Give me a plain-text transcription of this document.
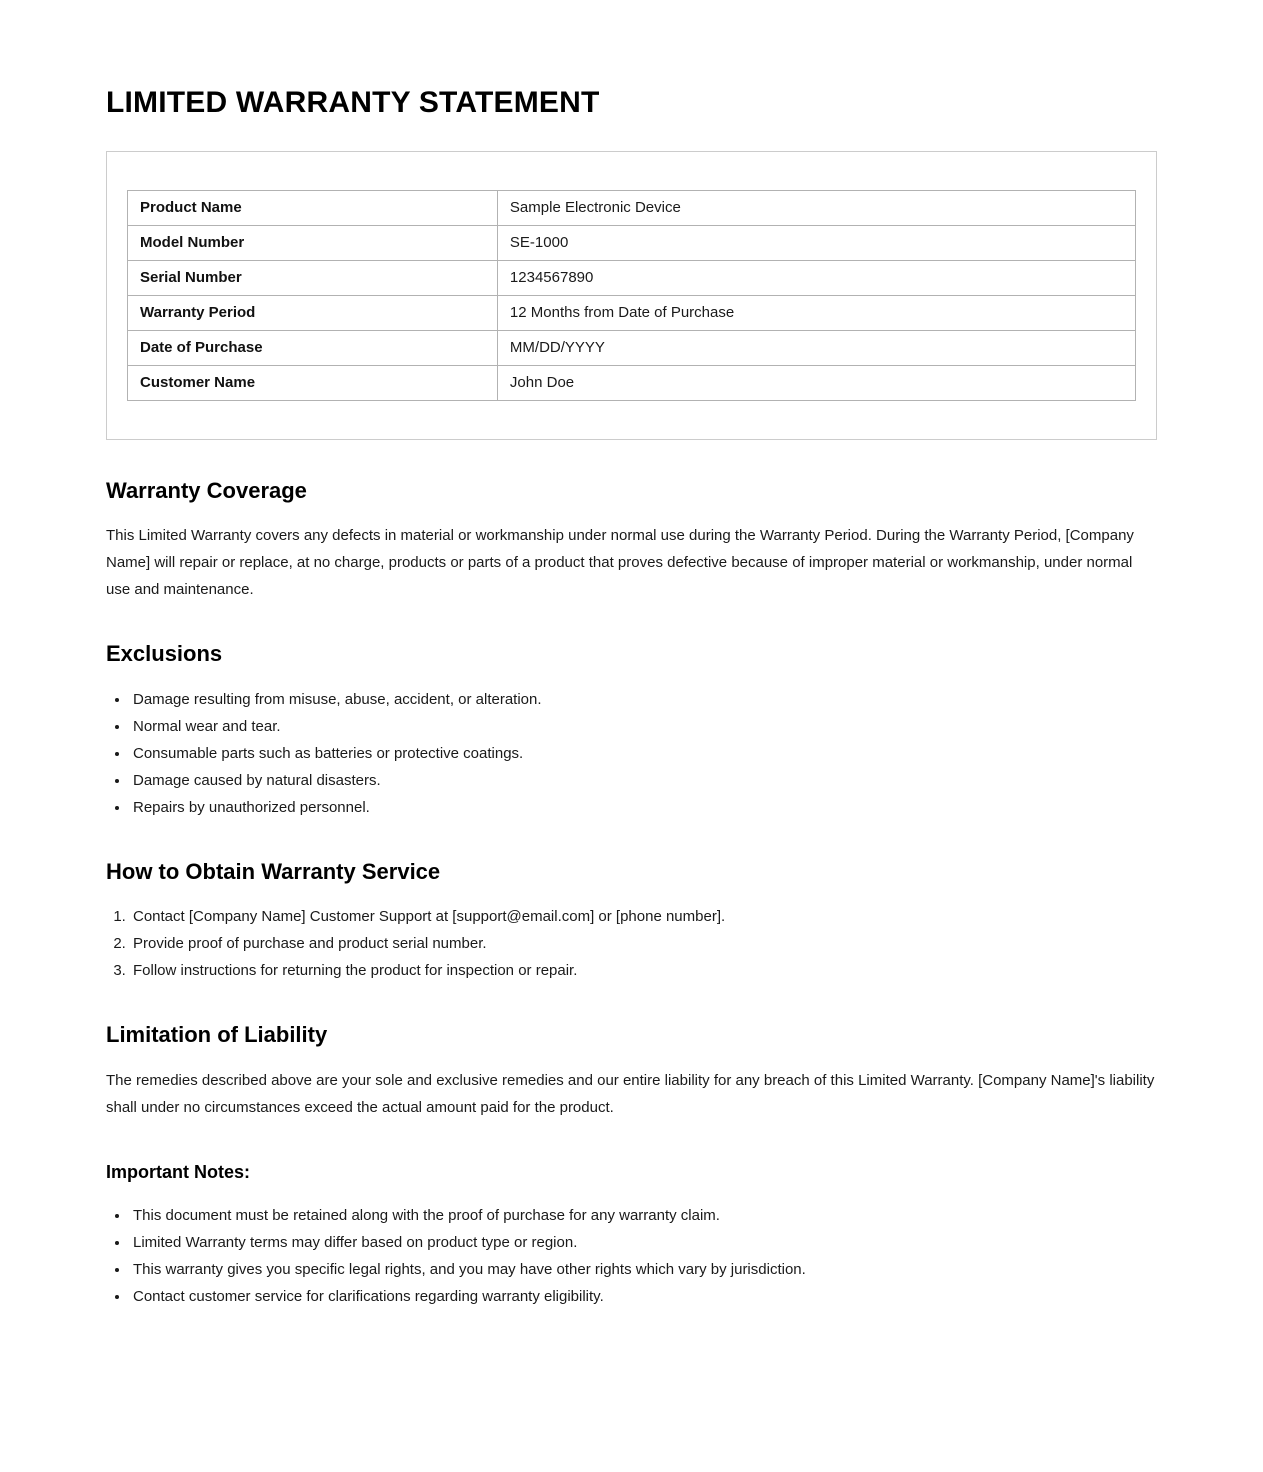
LIMITED WARRANTY STATEMENT
Product Name	Sample Electronic Device
Model Number	SE-1000
Serial Number	1234567890
Warranty Period	12 Months from Date of Purchase
Date of Purchase	MM/DD/YYYY
Customer Name	John Doe
Warranty Coverage

This Limited Warranty covers any defects in material or workmanship under normal use during the Warranty Period. During the Warranty Period, [Company Name] will repair or replace, at no charge, products or parts of a product that proves defective because of improper material or workmanship, under normal use and maintenance.

Exclusions
• Damage resulting from misuse, abuse, accident, or alteration.
• Normal wear and tear.
• Consumable parts such as batteries or protective coatings.
• Damage caused by natural disasters.
• Repairs by unauthorized personnel.
How to Obtain Warranty Service
1. Contact [Company Name] Customer Support at [support@email.com] or [phone number].
2. Provide proof of purchase and product serial number.
3. Follow instructions for returning the product for inspection or repair.
Limitation of Liability

The remedies described above are your sole and exclusive remedies and our entire liability for any breach of this Limited Warranty. [Company Name]'s liability shall under no circumstances exceed the actual amount paid for the product.

Important Notes:
• This document must be retained along with the proof of purchase for any warranty claim.
• Limited Warranty terms may differ based on product type or region.
• This warranty gives you specific legal rights, and you may have other rights which vary by jurisdiction.
• Contact customer service for clarifications regarding warranty eligibility.
